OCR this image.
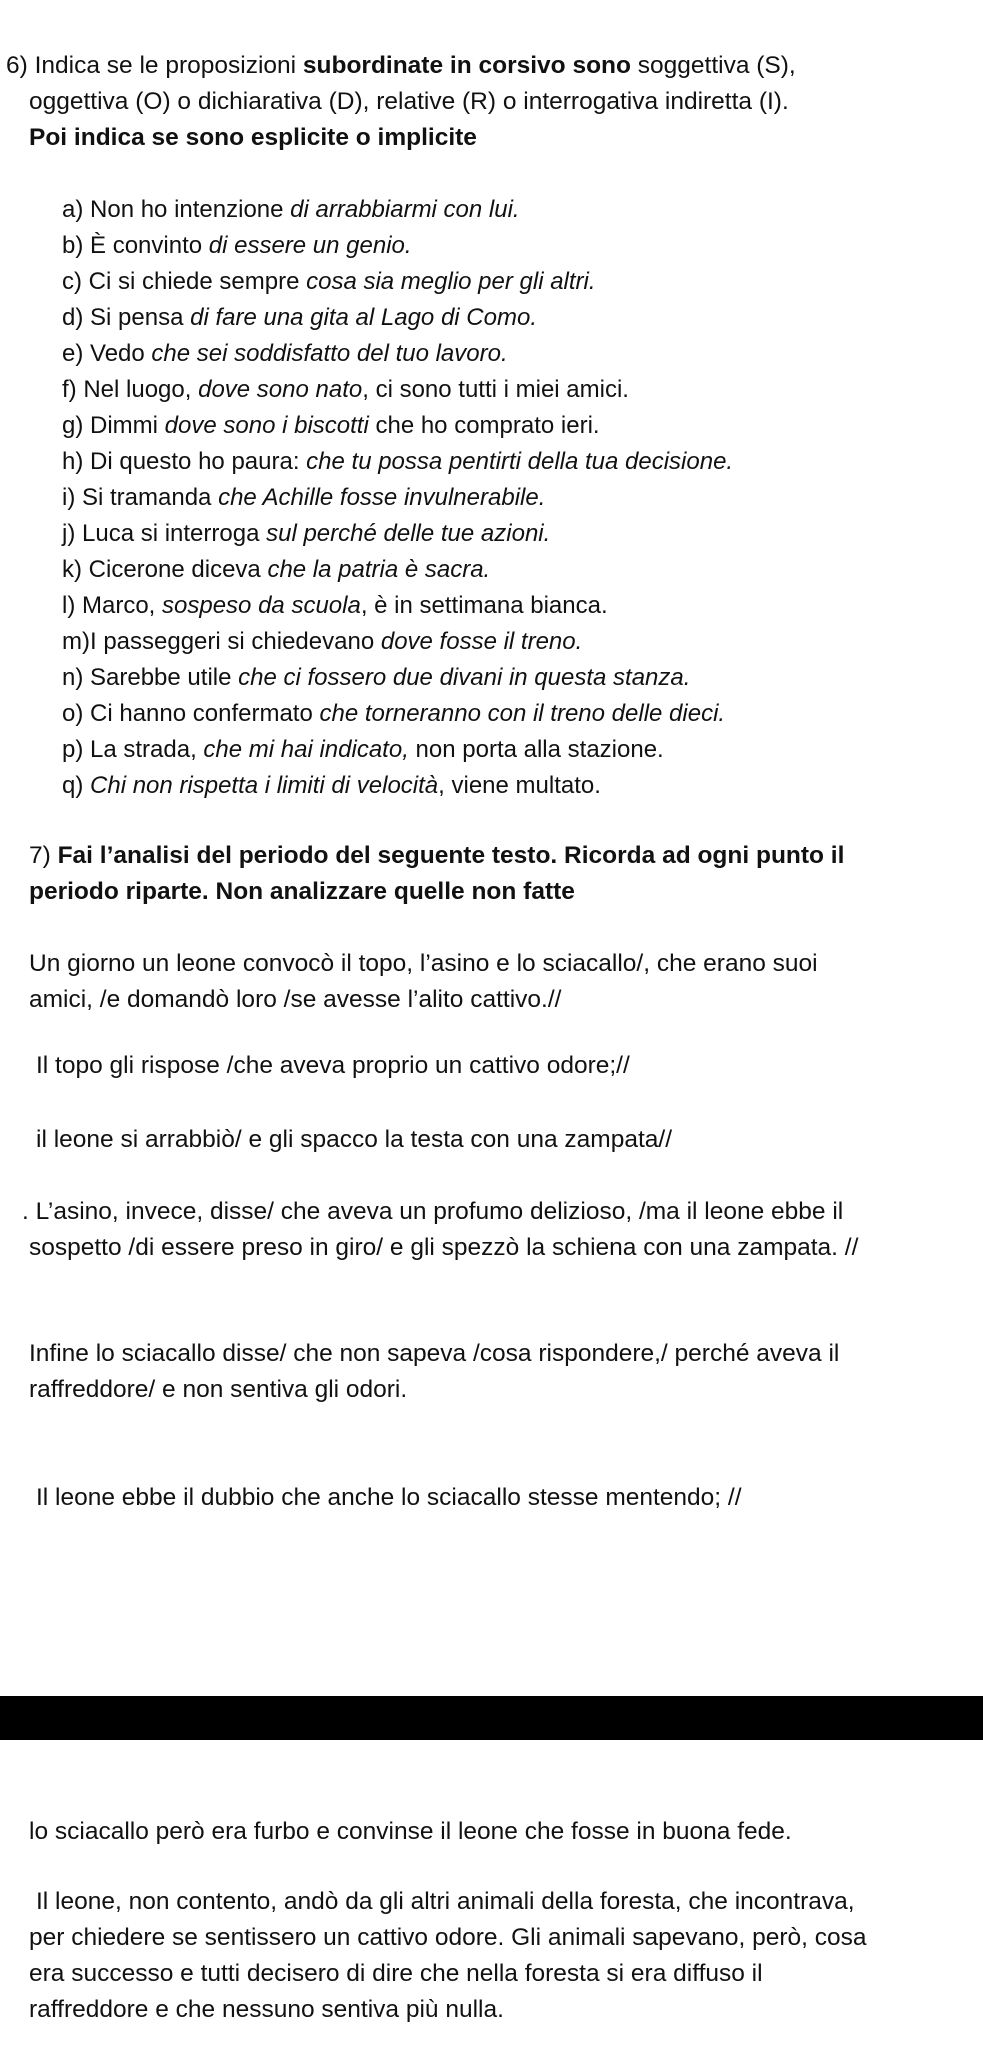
6) Indica se le proposizioni subordinate in corsivo sono soggettiva (S),
oggettiva (O) o dichiarativa (D), relative (R) o interrogativa indiretta (I).
Poi indica se sono esplicite o implicite
a) Non ho intenzione di arrabbiarmi con lui.
b) È convinto di essere un genio.
c) Ci si chiede sempre cosa sia meglio per gli altri.
d) Si pensa di fare una gita al Lago di Como.
e) Vedo che sei soddisfatto del tuo lavoro.
f) Nel luogo, dove sono nato, ci sono tutti i miei amici.
g) Dimmi dove sono i biscotti che ho comprato ieri.
h) Di questo ho paura: che tu possa pentirti della tua decisione.
i) Si tramanda che Achille fosse invulnerabile.
j) Luca si interroga sul perché delle tue azioni.
k) Cicerone diceva che la patria è sacra.
l) Marco, sospeso da scuola, è in settimana bianca.
m)I passeggeri si chiedevano dove fosse il treno.
n) Sarebbe utile che ci fossero due divani in questa stanza.
o) Ci hanno confermato che torneranno con il treno delle dieci.
p) La strada, che mi hai indicato, non porta alla stazione.
q) Chi non rispetta i limiti di velocità, viene multato.
7) Fai l’analisi del periodo del seguente testo. Ricorda ad ogni punto il
periodo riparte. Non analizzare quelle non fatte
Un giorno un leone convocò il topo, l’asino e lo sciacallo/, che erano suoi
amici, /e domandò loro /se avesse l’alito cattivo.//
Il topo gli rispose /che aveva proprio un cattivo odore;//
il leone si arrabbiò/ e gli spacco la testa con una zampata//
. L’asino, invece, disse/ che aveva un profumo delizioso, /ma il leone ebbe il
sospetto /di essere preso in giro/ e gli spezzò la schiena con una zampata. //
Infine lo sciacallo disse/ che non sapeva /cosa rispondere,/ perché aveva il
raffreddore/ e non sentiva gli odori.
Il leone ebbe il dubbio che anche lo sciacallo stesse mentendo; //
lo sciacallo però era furbo e convinse il leone che fosse in buona fede.
Il leone, non contento, andò da gli altri animali della foresta, che incontrava,
per chiedere se sentissero un cattivo odore. Gli animali sapevano, però, cosa
era successo e tutti decisero di dire che nella foresta si era diffuso il
raffreddore e che nessuno sentiva più nulla.
